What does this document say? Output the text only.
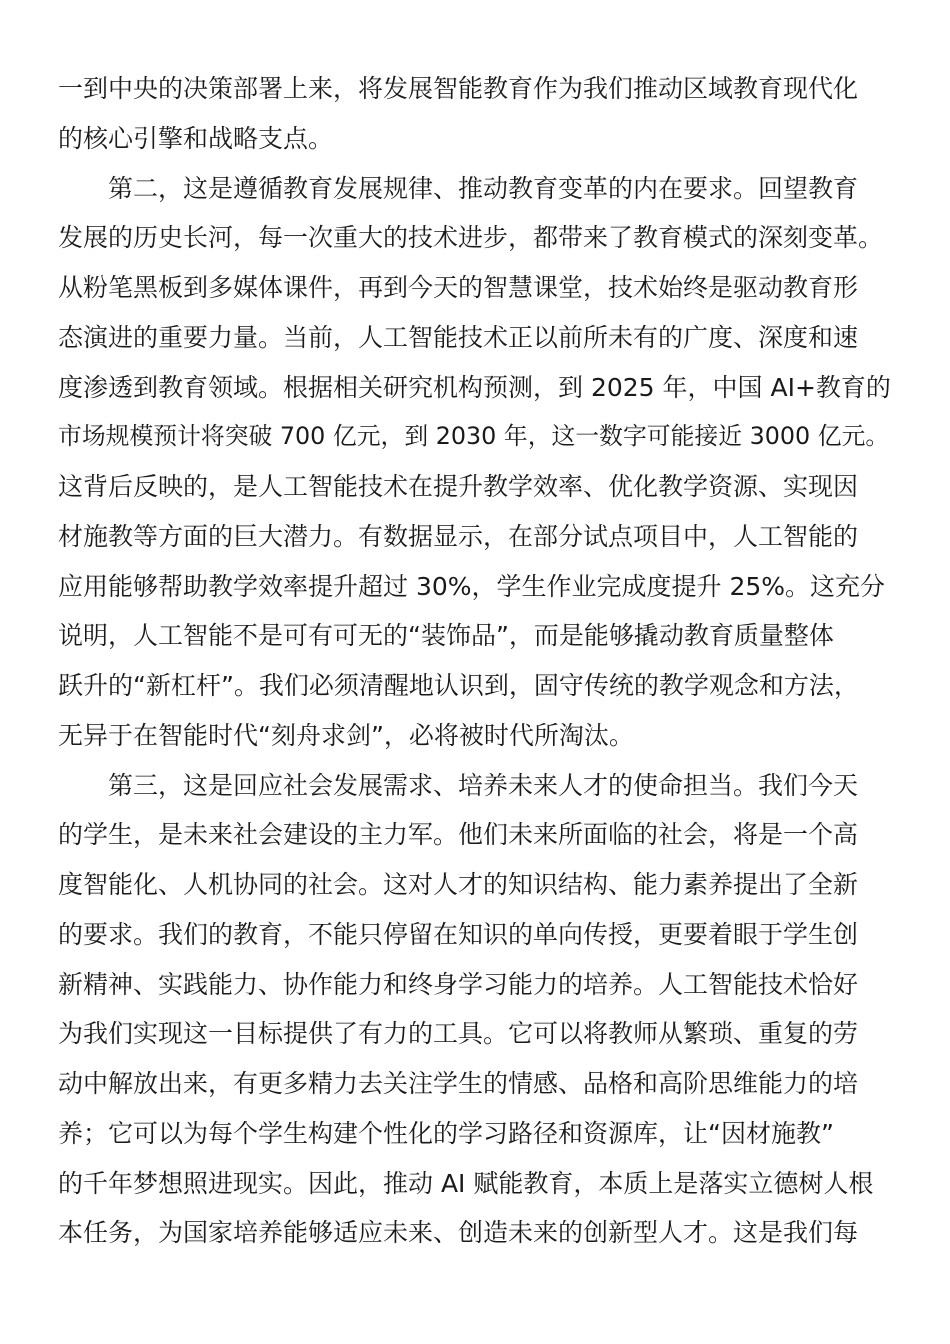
一到中央的决策部署上来，将发展智能教育作为我们推动区域教育现代化
的核心引擎和战略支点。
第二，这是遵循教育发展规律、推动教育变革的内在要求。回望教育
发展的历史长河，每一次重大的技术进步，都带来了教育模式的深刻变革。
从粉笔黑板到多媒体课件，再到今天的智慧课堂，技术始终是驱动教育形
态演进的重要力量。当前，人工智能技术正以前所未有的广度、深度和速
度渗透到教育领域。根据相关研究机构预测，到 2025 年，中国 AI+教育的
市场规模预计将突破 700 亿元，到 2030 年，这一数字可能接近 3000 亿元。
这背后反映的，是人工智能技术在提升教学效率、优化教学资源、实现因
材施教等方面的巨大潜力。有数据显示，在部分试点项目中，人工智能的
应用能够帮助教学效率提升超过 30%，学生作业完成度提升 25%。这充分
说明，人工智能不是可有可无的“装饰品”，而是能够撬动教育质量整体
跃升的“新杠杆”。我们必须清醒地认识到，固守传统的教学观念和方法，
无异于在智能时代“刻舟求剑”，必将被时代所淘汰。
第三，这是回应社会发展需求、培养未来人才的使命担当。我们今天
的学生，是未来社会建设的主力军。他们未来所面临的社会，将是一个高
度智能化、人机协同的社会。这对人才的知识结构、能力素养提出了全新
的要求。我们的教育，不能只停留在知识的单向传授，更要着眼于学生创
新精神、实践能力、协作能力和终身学习能力的培养。人工智能技术恰好
为我们实现这一目标提供了有力的工具。它可以将教师从繁琐、重复的劳
动中解放出来，有更多精力去关注学生的情感、品格和高阶思维能力的培
养；它可以为每个学生构建个性化的学习路径和资源库，让“因材施教”
的千年梦想照进现实。因此，推动 AI 赋能教育，本质上是落实立德树人根
本任务，为国家培养能够适应未来、创造未来的创新型人才。这是我们每
